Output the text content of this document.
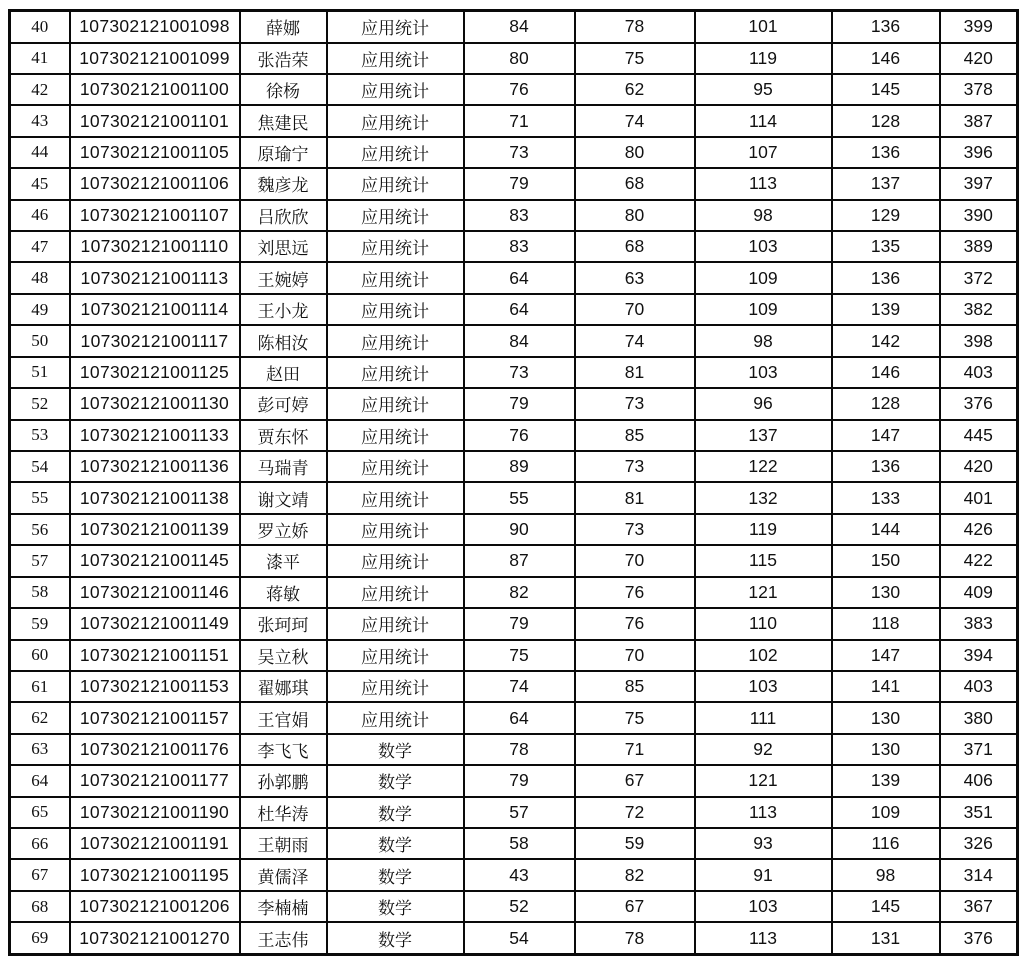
40	107302121001098	薛娜	应用统计	84	78	101	136	399
41	107302121001099	张浩荣	应用统计	80	75	119	146	420
42	107302121001100	徐杨	应用统计	76	62	95	145	378
43	107302121001101	焦建民	应用统计	71	74	114	128	387
44	107302121001105	原瑜宁	应用统计	73	80	107	136	396
45	107302121001106	魏彦龙	应用统计	79	68	113	137	397
46	107302121001107	吕欣欣	应用统计	83	80	98	129	390
47	107302121001110	刘思远	应用统计	83	68	103	135	389
48	107302121001113	王婉婷	应用统计	64	63	109	136	372
49	107302121001114	王小龙	应用统计	64	70	109	139	382
50	107302121001117	陈相汝	应用统计	84	74	98	142	398
51	107302121001125	赵田	应用统计	73	81	103	146	403
52	107302121001130	彭可婷	应用统计	79	73	96	128	376
53	107302121001133	贾东怀	应用统计	76	85	137	147	445
54	107302121001136	马瑞青	应用统计	89	73	122	136	420
55	107302121001138	谢文靖	应用统计	55	81	132	133	401
56	107302121001139	罗立娇	应用统计	90	73	119	144	426
57	107302121001145	漆平	应用统计	87	70	115	150	422
58	107302121001146	蒋敏	应用统计	82	76	121	130	409
59	107302121001149	张珂珂	应用统计	79	76	110	118	383
60	107302121001151	吴立秋	应用统计	75	70	102	147	394
61	107302121001153	翟娜琪	应用统计	74	85	103	141	403
62	107302121001157	王官娟	应用统计	64	75	111	130	380
63	107302121001176	李飞飞	数学	78	71	92	130	371
64	107302121001177	孙郭鹏	数学	79	67	121	139	406
65	107302121001190	杜华涛	数学	57	72	113	109	351
66	107302121001191	王朝雨	数学	58	59	93	116	326
67	107302121001195	黄儒泽	数学	43	82	91	98	314
68	107302121001206	李楠楠	数学	52	67	103	145	367
69	107302121001270	王志伟	数学	54	78	113	131	376
